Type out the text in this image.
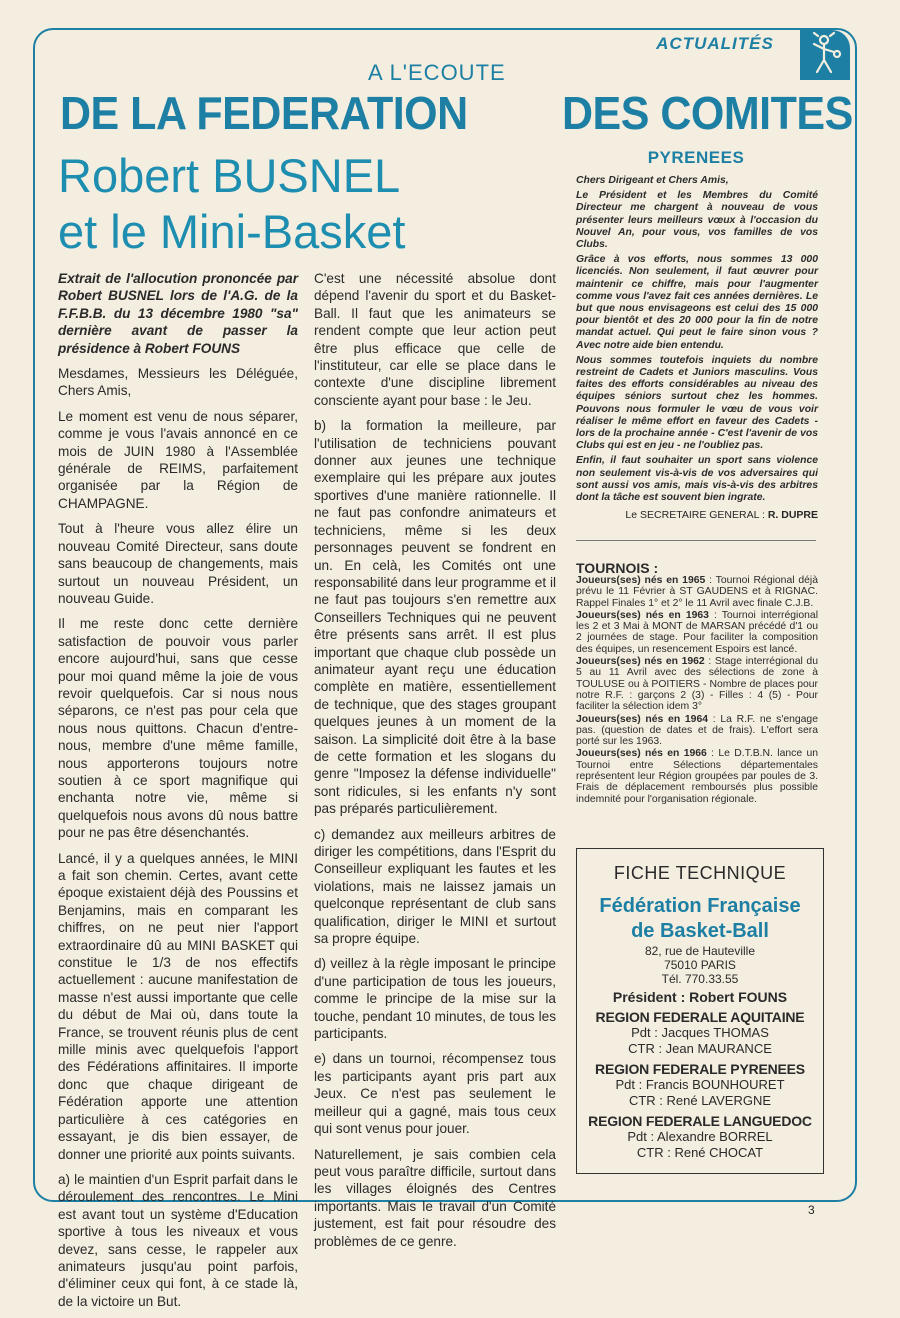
ACTUALITÉS
A L'ECOUTE
DE LA FEDERATION DES COMITES
Robert BUSNEL
et le Mini-Basket

Extrait de l'allocution prononcée par Robert BUSNEL lors de l'A.G. de la F.F.B.B. du 13 décembre 1980 "sa" dernière avant de passer la présidence à Robert FOUNS

Mesdames, Messieurs les Déléguée, Chers Amis,

Le moment est venu de nous séparer, comme je vous l'avais annoncé en ce mois de JUIN 1980 à l'Assemblée générale de REIMS, parfaitement organisée par la Région de CHAMPAGNE.

Tout à l'heure vous allez élire un nouveau Comité Directeur, sans doute sans beaucoup de changements, mais surtout un nouveau Président, un nouveau Guide.

Il me reste donc cette dernière satisfaction de pouvoir vous parler encore aujourd'hui, sans que cesse pour moi quand même la joie de vous revoir quelquefois. Car si nous nous séparons, ce n'est pas pour cela que nous nous quittons. Chacun d'entre-nous, membre d'une même famille, nous apporterons toujours notre soutien à ce sport magnifique qui enchanta notre vie, même si quelquefois nous avons dû nous battre pour ne pas être désenchantés.

Lancé, il y a quelques années, le MINI a fait son chemin. Certes, avant cette époque existaient déjà des Poussins et Benjamins, mais en comparant les chiffres, on ne peut nier l'apport extraordinaire dû au MINI BASKET qui constitue le 1/3 de nos effectifs actuellement : aucune manifestation de masse n'est aussi importante que celle du début de Mai où, dans toute la France, se trouvent réunis plus de cent mille minis avec quelquefois l'apport des Fédérations affinitaires. Il importe donc que chaque dirigeant de Fédération apporte une attention particulière à ces catégories en essayant, je dis bien essayer, de donner une priorité aux points suivants.

a) le maintien d'un Esprit parfait dans le déroulement des rencontres. Le Mini est avant tout un système d'Education sportive à tous les niveaux et vous devez, sans cesse, le rappeler aux animateurs jusqu'au point parfois, d'éliminer ceux qui font, à ce stade là, de la victoire un But.

C'est une nécessité absolue dont dépend l'avenir du sport et du Basket-Ball. Il faut que les animateurs se rendent compte que leur action peut être plus efficace que celle de l'instituteur, car elle se place dans le contexte d'une discipline librement consciente ayant pour base : le Jeu.

b) la formation la meilleure, par l'utilisation de techniciens pouvant donner aux jeunes une technique exemplaire qui les prépare aux joutes sportives d'une manière rationnelle. Il ne faut pas confondre animateurs et techniciens, même si les deux personnages peuvent se fondrent en un. En celà, les Comités ont une responsabilité dans leur programme et il ne faut pas toujours s'en remettre aux Conseillers Techniques qui ne peuvent être présents sans arrêt. Il est plus important que chaque club possède un animateur ayant reçu une éducation complète en matière, essentiellement de technique, que des stages groupant quelques jeunes à un moment de la saison. La simplicité doit être à la base de cette formation et les slogans du genre "Imposez la défense individuelle" sont ridicules, si les enfants n'y sont pas préparés particulièrement.

c) demandez aux meilleurs arbitres de diriger les compétitions, dans l'Esprit du Conseilleur expliquant les fautes et les violations, mais ne laissez jamais un quelconque représentant de club sans qualification, diriger le MINI et surtout sa propre équipe.

d) veillez à la règle imposant le principe d'une participation de tous les joueurs, comme le principe de la mise sur la touche, pendant 10 minutes, de tous les participants.

e) dans un tournoi, récompensez tous les participants ayant pris part aux Jeux. Ce n'est pas seulement le meilleur qui a gagné, mais tous ceux qui sont venus pour jouer.

Naturellement, je sais combien cela peut vous paraître difficile, surtout dans les villages éloignés des Centres importants. Mais le travail d'un Comité justement, est fait pour résoudre des problèmes de ce genre.

PYRENEES

Chers Dirigeant et Chers Amis,

Le Président et les Membres du Comité Directeur me chargent à nouveau de vous présenter leurs meilleurs vœux à l'occasion du Nouvel An, pour vous, vos familles de vos Clubs.

Grâce à vos efforts, nous sommes 13 000 licenciés. Non seulement, il faut œuvrer pour maintenir ce chiffre, mais pour l'augmenter comme vous l'avez fait ces années dernières. Le but que nous envisageons est celui des 15 000 pour bientôt et des 20 000 pour la fin de notre mandat actuel. Qui peut le faire sinon vous ? Avec notre aide bien entendu.

Nous sommes toutefois inquiets du nombre restreint de Cadets et Juniors masculins. Vous faites des efforts considérables au niveau des équipes séniors surtout chez les hommes. Pouvons nous formuler le vœu de vous voir réaliser le même effort en faveur des Cadets - lors de la prochaine année - C'est l'avenir de vos Clubs qui est en jeu - ne l'oubliez pas.

Enfin, il faut souhaiter un sport sans violence non seulement vis-à-vis de vos adversaires qui sont aussi vos amis, mais vis-à-vis des arbitres dont la tâche est souvent bien ingrate.

Le SECRETAIRE GENERAL : R. DUPRE
TOURNOIS :

Joueurs(ses) nés en 1965 : Tournoi Régional déjà prévu le 11 Février à ST GAUDENS et à RIGNAC. Rappel Finales 1° et 2° le 11 Avril avec finale C.J.B.

Joueurs(ses) nés en 1963 : Tournoi interrégional les 2 et 3 Mai à MONT de MARSAN précédé d'1 ou 2 journées de stage. Pour faciliter la composition des équipes, un resencement Espoirs est lancé.

Joueurs(ses) nés en 1962 : Stage interrégional du 5 au 11 Avril avec des sélections de zone à TOULUSE ou à POITIERS - Nombre de places pour notre R.F. : garçons 2 (3) - Filles : 4 (5) - Pour faciliter la sélection idem 3°

Joueurs(ses) nés en 1964 : La R.F. ne s'engage pas. (question de dates et de frais). L'effort sera porté sur les 1963.

Joueurs(ses) nés en 1966 : Le D.T.B.N. lance un Tournoi entre Sélections départementales représentent leur Région groupées par poules de 3. Frais de déplacement remboursés plus possible indemnité pour l'organisation régionale.

FICHE TECHNIQUE
Fédération Française
de Basket-Ball
82, rue de Hauteville
75010 PARIS
Tél. 770.33.55
Président : Robert FOUNS
REGION FEDERALE AQUITAINE
Pdt : Jacques THOMAS
CTR : Jean MAURANCE
REGION FEDERALE PYRENEES
Pdt : Francis BOUNHOURET
CTR : René LAVERGNE
REGION FEDERALE LANGUEDOC
Pdt : Alexandre BORREL
CTR : René CHOCAT
3
